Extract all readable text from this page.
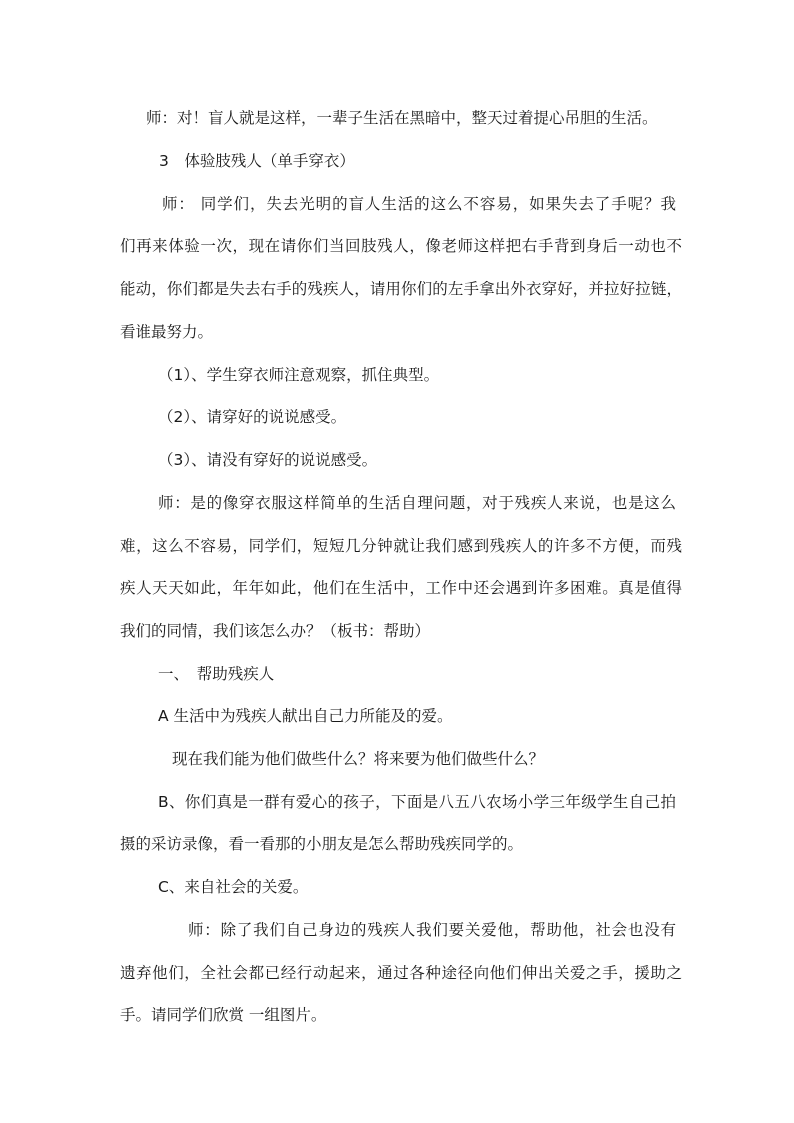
师：对！盲人就是这样，一辈子生活在黑暗中，整天过着提心吊胆的生活。
3　体验肢残人（单手穿衣）
师： 同学们，失去光明的盲人生活的这么不容易，如果失去了手呢？我
们再来体验一次，现在请你们当回肢残人，像老师这样把右手背到身后一动也不
能动，你们都是失去右手的残疾人，请用你们的左手拿出外衣穿好，并拉好拉链，
看谁最努力。
（1）、学生穿衣师注意观察，抓住典型。
（2）、请穿好的说说感受。
（3）、请没有穿好的说说感受。
师：是的像穿衣服这样简单的生活自理问题，对于残疾人来说，也是这么
难，这么不容易，同学们，短短几分钟就让我们感到残疾人的许多不方便，而残
疾人天天如此，年年如此，他们在生活中，工作中还会遇到许多困难。真是值得
我们的同情，我们该怎么办？（板书：帮助）
一、　帮助残疾人
A 生活中为残疾人献出自己力所能及的爱。
现在我们能为他们做些什么？将来要为他们做些什么？
B、你们真是一群有爱心的孩子，下面是八五八农场小学三年级学生自己拍
摄的采访录像，看一看那的小朋友是怎么帮助残疾同学的。
C、来自社会的关爱。
师：除了我们自己身边的残疾人我们要关爱他，帮助他，社会也没有
遗弃他们，全社会都已经行动起来，通过各种途径向他们伸出关爱之手，援助之
手。请同学们欣赏 一组图片。
